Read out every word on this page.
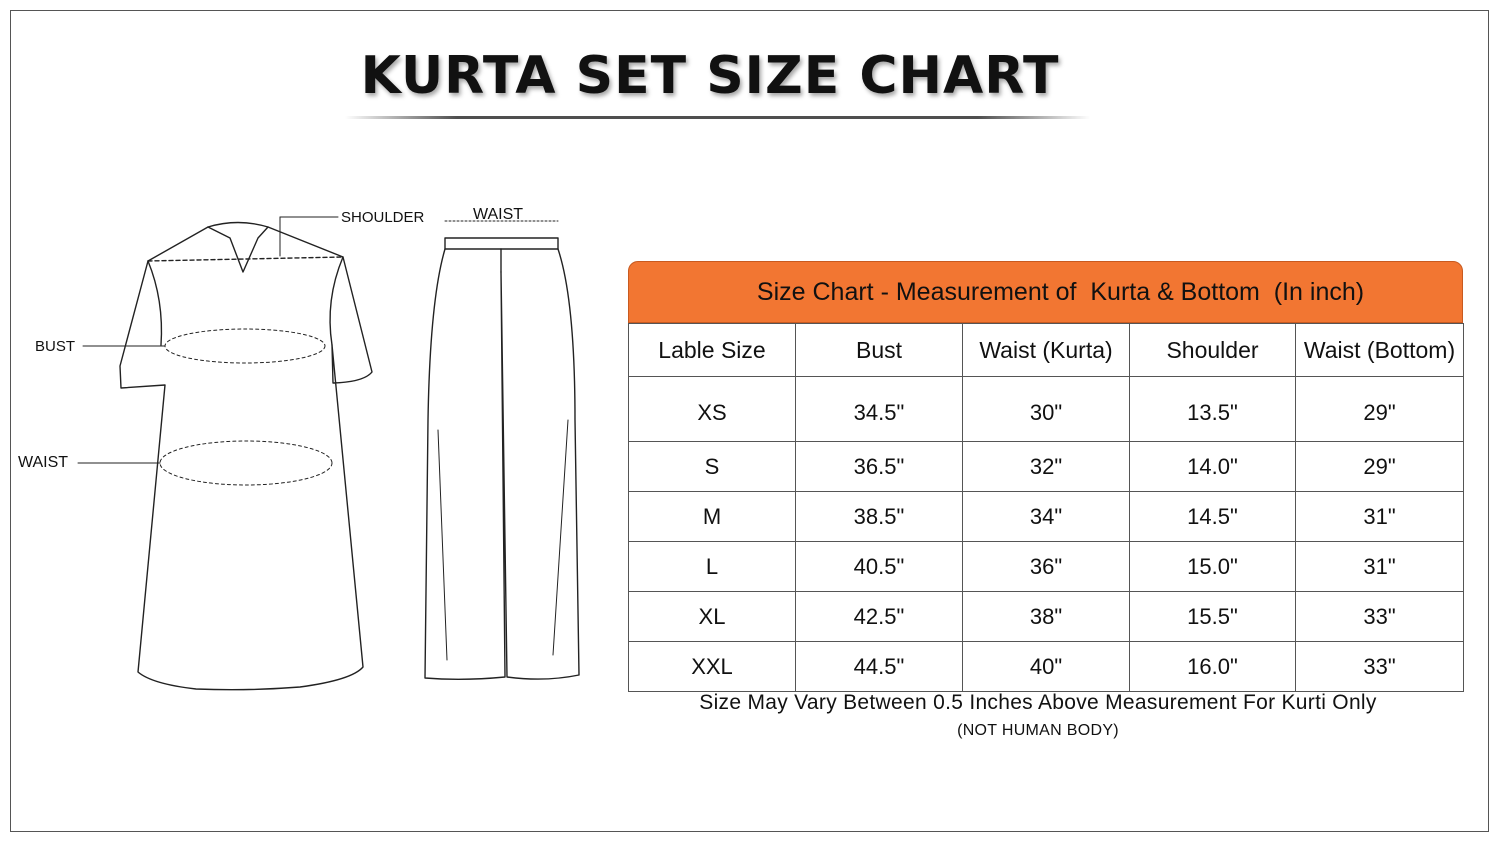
KURTA SET SIZE CHART
SHOULDER	WAIST
BUST
WAIST
Size Chart - Measurement of  Kurta & Bottom  (In inch)
Lable Size	Bust	Waist (Kurta)	Shoulder	Waist (Bottom)
XS	34.5"	30"	13.5"	29"
S	36.5"	32"	14.0"	29"
M	38.5"	34"	14.5"	31"
L	40.5"	36"	15.0"	31"
XL	42.5"	38"	15.5"	33"
XXL	44.5"	40"	16.0"	33"
Size May Vary Between 0.5 Inches Above Measurement For Kurti Only
(NOT HUMAN BODY)
